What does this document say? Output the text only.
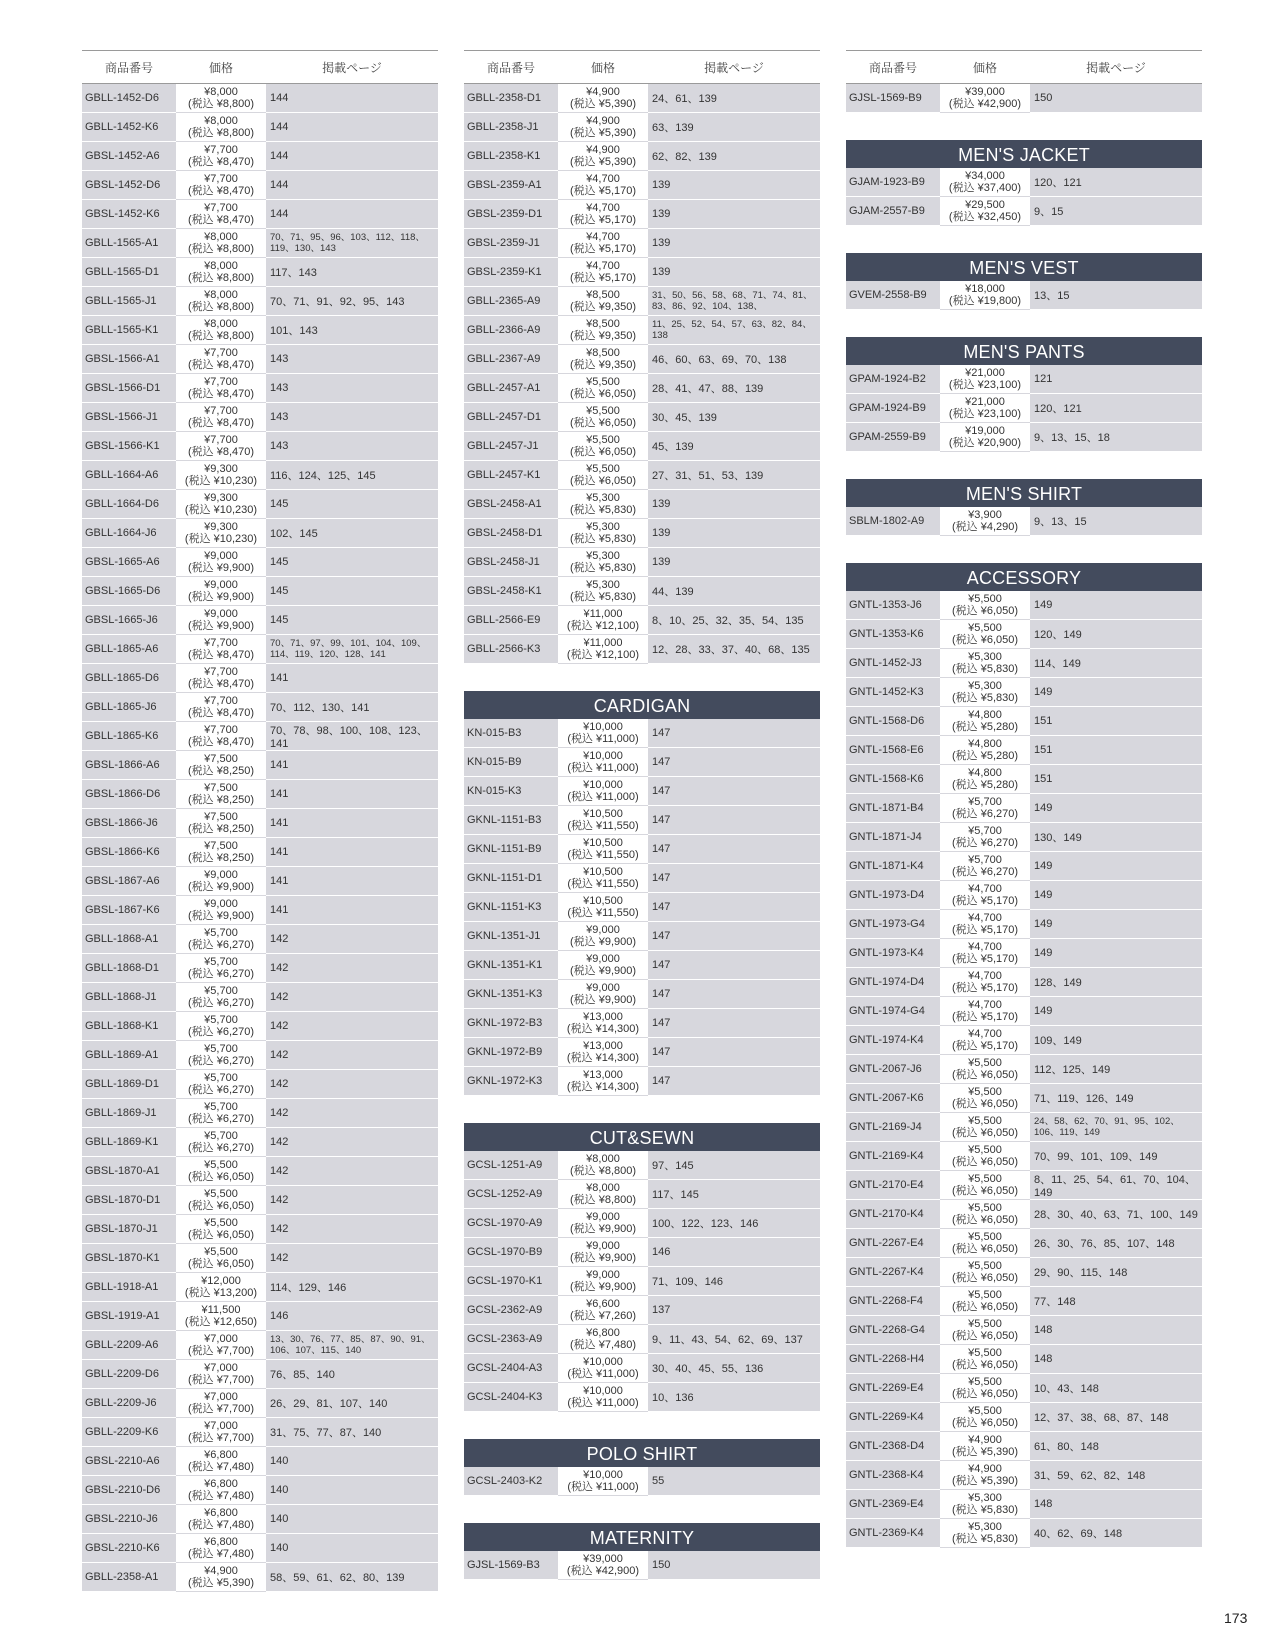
商品番号	価格	掲載ページ
GBLL-1452-D6	¥8,000
(税込 ¥8,800)	144
GBLL-1452-K6	¥8,000
(税込 ¥8,800)	144
GBSL-1452-A6	¥7,700
(税込 ¥8,470)	144
GBSL-1452-D6	¥7,700
(税込 ¥8,470)	144
GBSL-1452-K6	¥7,700
(税込 ¥8,470)	144
GBLL-1565-A1	¥8,000
(税込 ¥8,800)	70、71、95、96、103、112、118、119、130、143
GBLL-1565-D1	¥8,000
(税込 ¥8,800)	117、143
GBLL-1565-J1	¥8,000
(税込 ¥8,800)	70、71、91、92、95、143
GBLL-1565-K1	¥8,000
(税込 ¥8,800)	101、143
GBSL-1566-A1	¥7,700
(税込 ¥8,470)	143
GBSL-1566-D1	¥7,700
(税込 ¥8,470)	143
GBSL-1566-J1	¥7,700
(税込 ¥8,470)	143
GBSL-1566-K1	¥7,700
(税込 ¥8,470)	143
GBLL-1664-A6	¥9,300
(税込 ¥10,230)	116、124、125、145
GBLL-1664-D6	¥9,300
(税込 ¥10,230)	145
GBLL-1664-J6	¥9,300
(税込 ¥10,230)	102、145
GBSL-1665-A6	¥9,000
(税込 ¥9,900)	145
GBSL-1665-D6	¥9,000
(税込 ¥9,900)	145
GBSL-1665-J6	¥9,000
(税込 ¥9,900)	145
GBLL-1865-A6	¥7,700
(税込 ¥8,470)	70、71、97、99、101、104、109、114、119、120、128、141
GBLL-1865-D6	¥7,700
(税込 ¥8,470)	141
GBLL-1865-J6	¥7,700
(税込 ¥8,470)	70、112、130、141
GBLL-1865-K6	¥7,700
(税込 ¥8,470)	70、78、98、100、108、123、141
GBSL-1866-A6	¥7,500
(税込 ¥8,250)	141
GBSL-1866-D6	¥7,500
(税込 ¥8,250)	141
GBSL-1866-J6	¥7,500
(税込 ¥8,250)	141
GBSL-1866-K6	¥7,500
(税込 ¥8,250)	141
GBSL-1867-A6	¥9,000
(税込 ¥9,900)	141
GBSL-1867-K6	¥9,000
(税込 ¥9,900)	141
GBLL-1868-A1	¥5,700
(税込 ¥6,270)	142
GBLL-1868-D1	¥5,700
(税込 ¥6,270)	142
GBLL-1868-J1	¥5,700
(税込 ¥6,270)	142
GBLL-1868-K1	¥5,700
(税込 ¥6,270)	142
GBLL-1869-A1	¥5,700
(税込 ¥6,270)	142
GBLL-1869-D1	¥5,700
(税込 ¥6,270)	142
GBLL-1869-J1	¥5,700
(税込 ¥6,270)	142
GBLL-1869-K1	¥5,700
(税込 ¥6,270)	142
GBSL-1870-A1	¥5,500
(税込 ¥6,050)	142
GBSL-1870-D1	¥5,500
(税込 ¥6,050)	142
GBSL-1870-J1	¥5,500
(税込 ¥6,050)	142
GBSL-1870-K1	¥5,500
(税込 ¥6,050)	142
GBLL-1918-A1	¥12,000
(税込 ¥13,200)	114、129、146
GBSL-1919-A1	¥11,500
(税込 ¥12,650)	146
GBLL-2209-A6	¥7,000
(税込 ¥7,700)	13、30、76、77、85、87、90、91、106、107、115、140
GBLL-2209-D6	¥7,000
(税込 ¥7,700)	76、85、140
GBLL-2209-J6	¥7,000
(税込 ¥7,700)	26、29、81、107、140
GBLL-2209-K6	¥7,000
(税込 ¥7,700)	31、75、77、87、140
GBSL-2210-A6	¥6,800
(税込 ¥7,480)	140
GBSL-2210-D6	¥6,800
(税込 ¥7,480)	140
GBSL-2210-J6	¥6,800
(税込 ¥7,480)	140
GBSL-2210-K6	¥6,800
(税込 ¥7,480)	140
GBLL-2358-A1	¥4,900
(税込 ¥5,390)	58、59、61、62、80、139
商品番号	価格	掲載ページ
GBLL-2358-D1	¥4,900
(税込 ¥5,390)	24、61、139
GBLL-2358-J1	¥4,900
(税込 ¥5,390)	63、139
GBLL-2358-K1	¥4,900
(税込 ¥5,390)	62、82、139
GBSL-2359-A1	¥4,700
(税込 ¥5,170)	139
GBSL-2359-D1	¥4,700
(税込 ¥5,170)	139
GBSL-2359-J1	¥4,700
(税込 ¥5,170)	139
GBSL-2359-K1	¥4,700
(税込 ¥5,170)	139
GBLL-2365-A9	¥8,500
(税込 ¥9,350)	31、50、56、58、68、71、74、81、83、86、92、104、138、
GBLL-2366-A9	¥8,500
(税込 ¥9,350)	11、25、52、54、57、63、82、84、138
GBLL-2367-A9	¥8,500
(税込 ¥9,350)	46、60、63、69、70、138
GBLL-2457-A1	¥5,500
(税込 ¥6,050)	28、41、47、88、139
GBLL-2457-D1	¥5,500
(税込 ¥6,050)	30、45、139
GBLL-2457-J1	¥5,500
(税込 ¥6,050)	45、139
GBLL-2457-K1	¥5,500
(税込 ¥6,050)	27、31、51、53、139
GBSL-2458-A1	¥5,300
(税込 ¥5,830)	139
GBSL-2458-D1	¥5,300
(税込 ¥5,830)	139
GBSL-2458-J1	¥5,300
(税込 ¥5,830)	139
GBSL-2458-K1	¥5,300
(税込 ¥5,830)	44、139
GBLL-2566-E9	¥11,000
(税込 ¥12,100)	8、10、25、32、35、54、135
GBLL-2566-K3	¥11,000
(税込 ¥12,100)	12、28、33、37、40、68、135
CARDIGAN
KN-015-B3	¥10,000
(税込 ¥11,000)	147
KN-015-B9	¥10,000
(税込 ¥11,000)	147
KN-015-K3	¥10,000
(税込 ¥11,000)	147
GKNL-1151-B3	¥10,500
(税込 ¥11,550)	147
GKNL-1151-B9	¥10,500
(税込 ¥11,550)	147
GKNL-1151-D1	¥10,500
(税込 ¥11,550)	147
GKNL-1151-K3	¥10,500
(税込 ¥11,550)	147
GKNL-1351-J1	¥9,000
(税込 ¥9,900)	147
GKNL-1351-K1	¥9,000
(税込 ¥9,900)	147
GKNL-1351-K3	¥9,000
(税込 ¥9,900)	147
GKNL-1972-B3	¥13,000
(税込 ¥14,300)	147
GKNL-1972-B9	¥13,000
(税込 ¥14,300)	147
GKNL-1972-K3	¥13,000
(税込 ¥14,300)	147
CUT&SEWN
GCSL-1251-A9	¥8,000
(税込 ¥8,800)	97、145
GCSL-1252-A9	¥8,000
(税込 ¥8,800)	117、145
GCSL-1970-A9	¥9,000
(税込 ¥9,900)	100、122、123、146
GCSL-1970-B9	¥9,000
(税込 ¥9,900)	146
GCSL-1970-K1	¥9,000
(税込 ¥9,900)	71、109、146
GCSL-2362-A9	¥6,600
(税込 ¥7,260)	137
GCSL-2363-A9	¥6,800
(税込 ¥7,480)	9、11、43、54、62、69、137
GCSL-2404-A3	¥10,000
(税込 ¥11,000)	30、40、45、55、136
GCSL-2404-K3	¥10,000
(税込 ¥11,000)	10、136
POLO SHIRT
GCSL-2403-K2	¥10,000
(税込 ¥11,000)	55
MATERNITY
GJSL-1569-B3	¥39,000
(税込 ¥42,900)	150
商品番号	価格	掲載ページ
GJSL-1569-B9	¥39,000
(税込 ¥42,900)	150
MEN'S JACKET
GJAM-1923-B9	¥34,000
(税込 ¥37,400)	120、121
GJAM-2557-B9	¥29,500
(税込 ¥32,450)	9、15
MEN'S VEST
GVEM-2558-B9	¥18,000
(税込 ¥19,800)	13、15
MEN'S PANTS
GPAM-1924-B2	¥21,000
(税込 ¥23,100)	121
GPAM-1924-B9	¥21,000
(税込 ¥23,100)	120、121
GPAM-2559-B9	¥19,000
(税込 ¥20,900)	9、13、15、18
MEN'S SHIRT
SBLM-1802-A9	¥3,900
(税込 ¥4,290)	9、13、15
ACCESSORY
GNTL-1353-J6	¥5,500
(税込 ¥6,050)	149
GNTL-1353-K6	¥5,500
(税込 ¥6,050)	120、149
GNTL-1452-J3	¥5,300
(税込 ¥5,830)	114、149
GNTL-1452-K3	¥5,300
(税込 ¥5,830)	149
GNTL-1568-D6	¥4,800
(税込 ¥5,280)	151
GNTL-1568-E6	¥4,800
(税込 ¥5,280)	151
GNTL-1568-K6	¥4,800
(税込 ¥5,280)	151
GNTL-1871-B4	¥5,700
(税込 ¥6,270)	149
GNTL-1871-J4	¥5,700
(税込 ¥6,270)	130、149
GNTL-1871-K4	¥5,700
(税込 ¥6,270)	149
GNTL-1973-D4	¥4,700
(税込 ¥5,170)	149
GNTL-1973-G4	¥4,700
(税込 ¥5,170)	149
GNTL-1973-K4	¥4,700
(税込 ¥5,170)	149
GNTL-1974-D4	¥4,700
(税込 ¥5,170)	128、149
GNTL-1974-G4	¥4,700
(税込 ¥5,170)	149
GNTL-1974-K4	¥4,700
(税込 ¥5,170)	109、149
GNTL-2067-J6	¥5,500
(税込 ¥6,050)	112、125、149
GNTL-2067-K6	¥5,500
(税込 ¥6,050)	71、119、126、149
GNTL-2169-J4	¥5,500
(税込 ¥6,050)	24、58、62、70、91、95、102、106、119、149
GNTL-2169-K4	¥5,500
(税込 ¥6,050)	70、99、101、109、149
GNTL-2170-E4	¥5,500
(税込 ¥6,050)	8、11、25、54、61、70、104、149
GNTL-2170-K4	¥5,500
(税込 ¥6,050)	28、30、40、63、71、100、149
GNTL-2267-E4	¥5,500
(税込 ¥6,050)	26、30、76、85、107、148
GNTL-2267-K4	¥5,500
(税込 ¥6,050)	29、90、115、148
GNTL-2268-F4	¥5,500
(税込 ¥6,050)	77、148
GNTL-2268-G4	¥5,500
(税込 ¥6,050)	148
GNTL-2268-H4	¥5,500
(税込 ¥6,050)	148
GNTL-2269-E4	¥5,500
(税込 ¥6,050)	10、43、148
GNTL-2269-K4	¥5,500
(税込 ¥6,050)	12、37、38、68、87、148
GNTL-2368-D4	¥4,900
(税込 ¥5,390)	61、80、148
GNTL-2368-K4	¥4,900
(税込 ¥5,390)	31、59、62、82、148
GNTL-2369-E4	¥5,300
(税込 ¥5,830)	148
GNTL-2369-K4	¥5,300
(税込 ¥5,830)	40、62、69、148
173
